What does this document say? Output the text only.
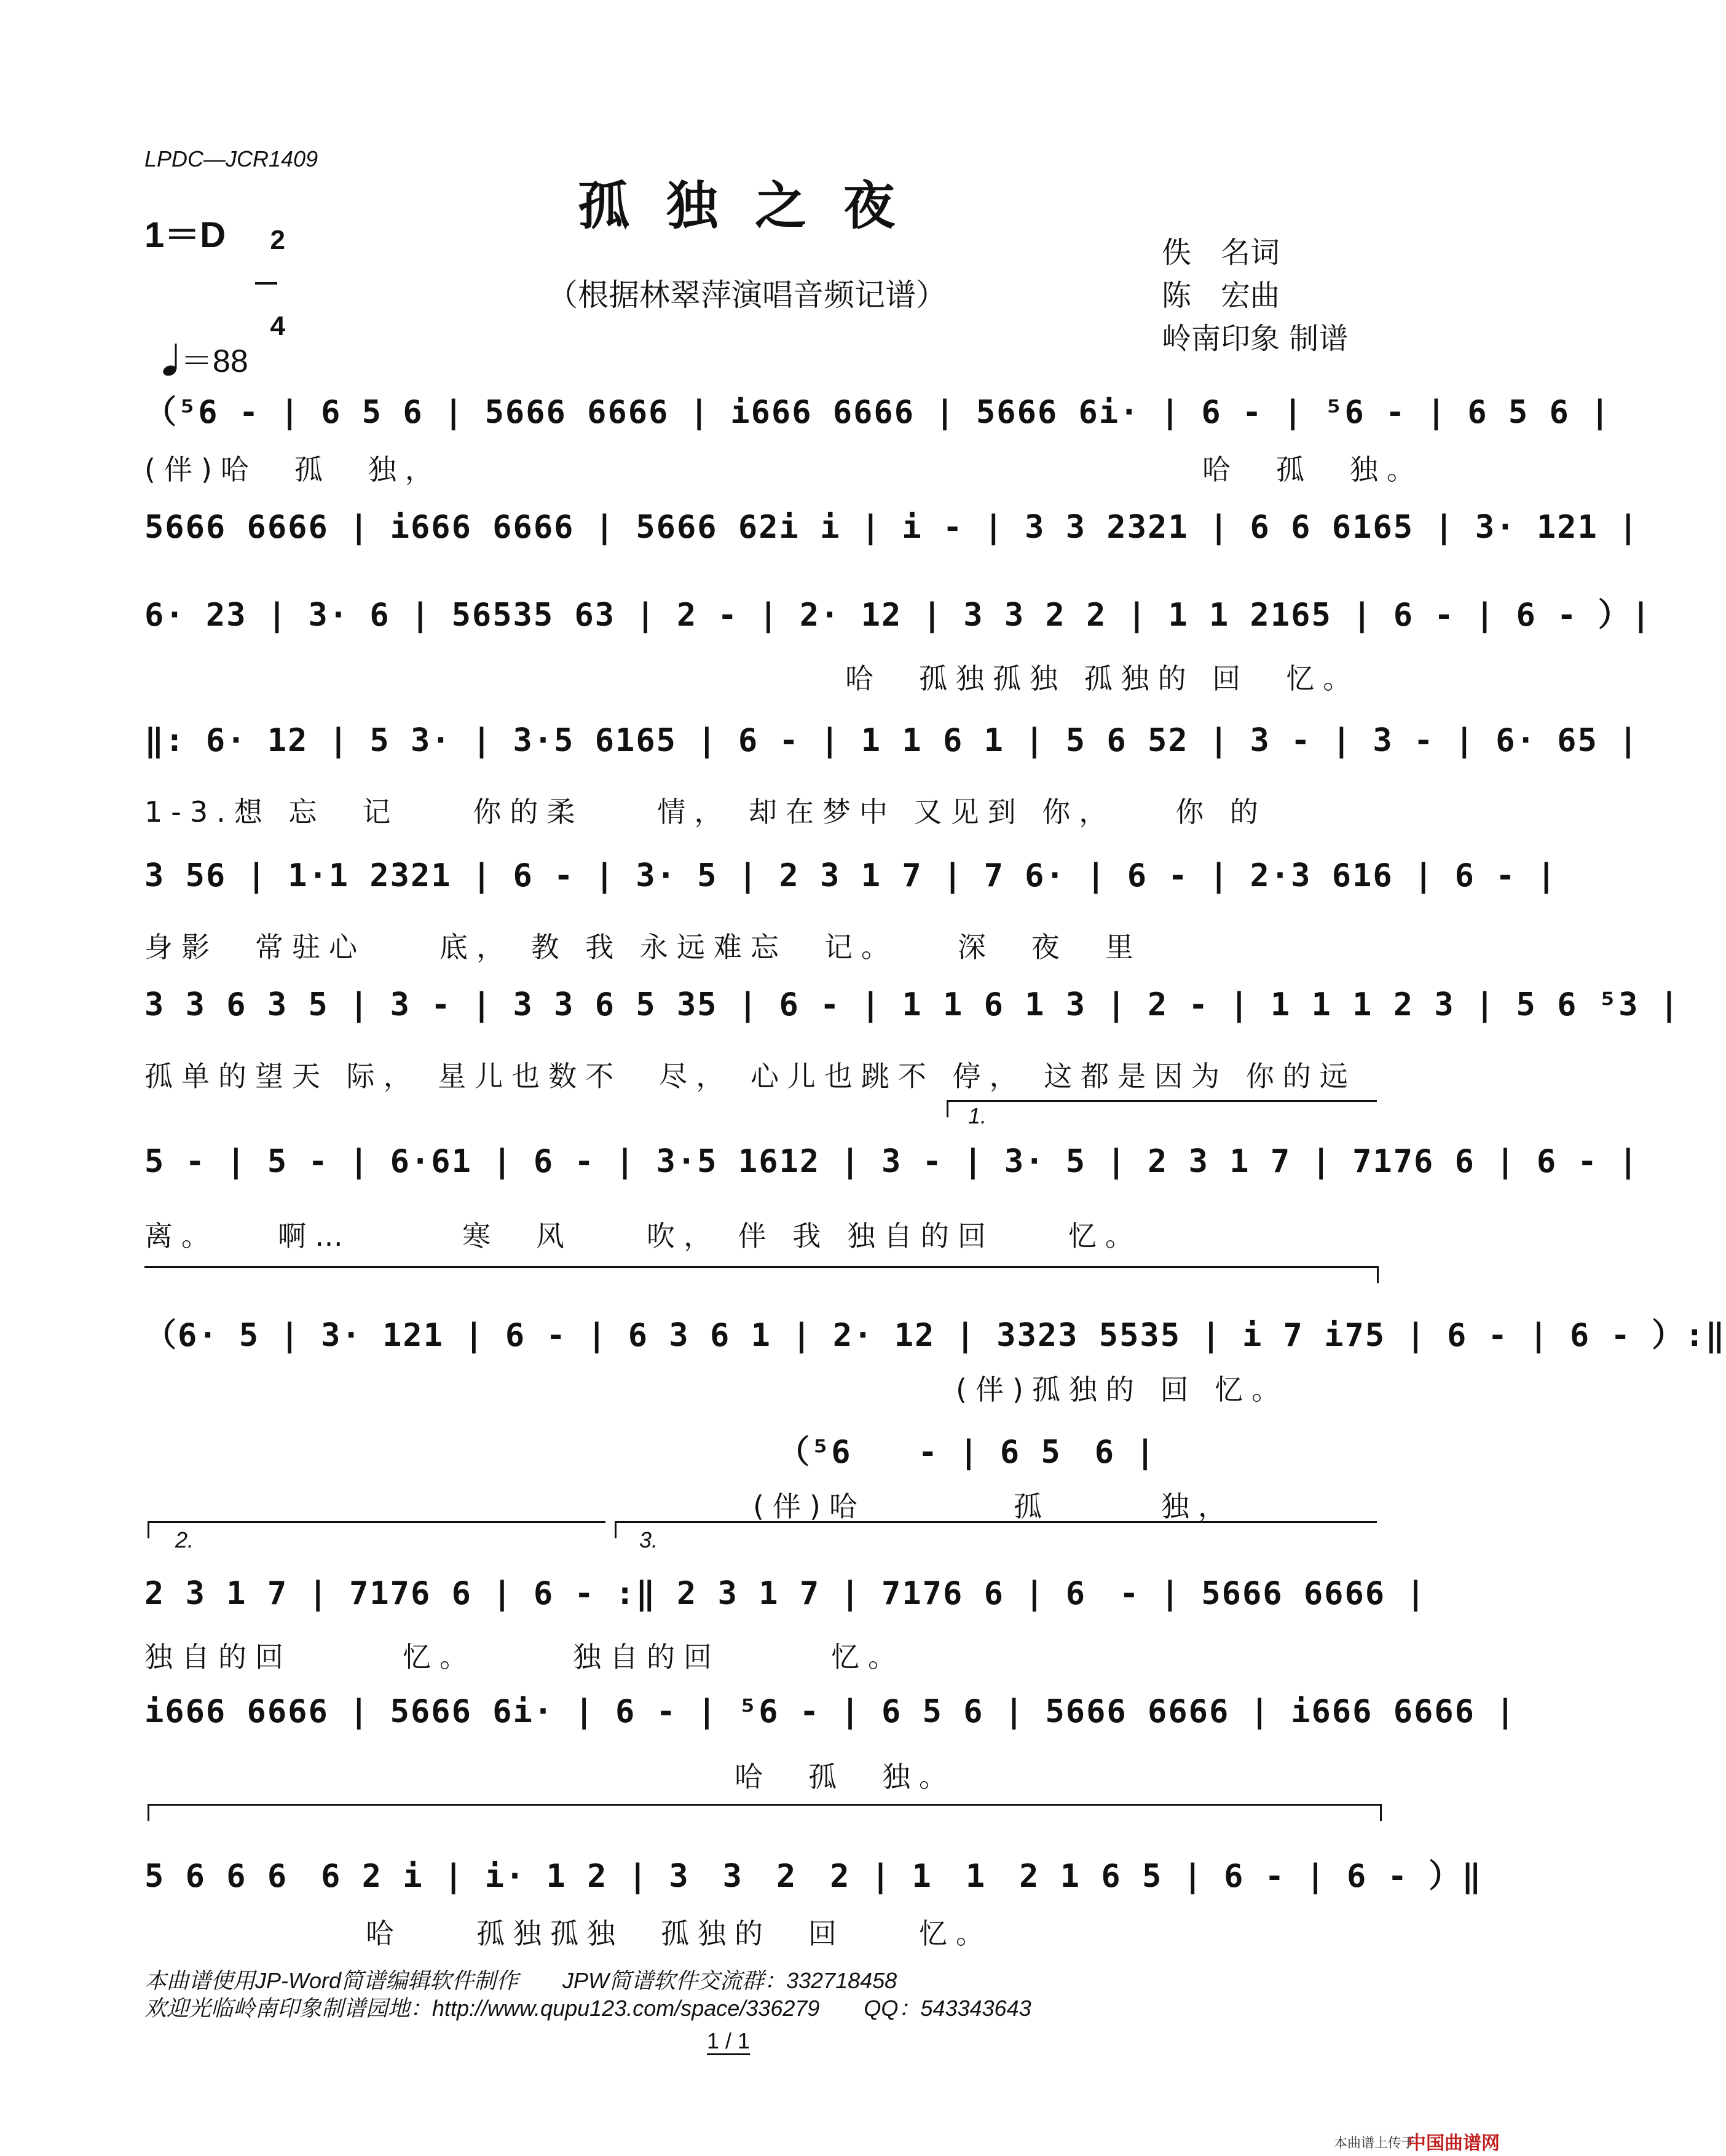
LPDC—JCR1409
孤独之夜
（根据林翠萍演唱音频记谱）
1＝D	2

4

＝88

佚　名词
陈　宏曲
岭南印象 制谱
（⁵6 - | 6 5 6 | 5666 6666 | i666 6666 | 5666 6i· | 6 - | ⁵6 - | 6 5 6 |
(伴)哈　孤　独，　　　　　　　　　　　　　　　　　　　　　哈　孤　独。
5666 6666 | i666 6666 | 5666 62i i | i - | 3 3 2321 | 6 6 6165 | 3· 121 |
6· 23 | 3· 6 | 56535 63 | 2 - | 2· 12 | 3 3 2 2 | 1 1 2165 | 6 - | 6 - ）|
　　　　　　　　　　　　　　　　　　　哈　孤独孤独 孤独的 回　忆。
‖: 6· 12 | 5 3· | 3·5 6165 | 6 - | 1 1 6 1 | 5 6 52 | 3 - | 3 - | 6· 65 |
1-3.想 忘　记　　你的柔　　情， 却在梦中 又见到 你，　　你 的
3 56 | 1·1 2321 | 6 - | 3· 5 | 2 3 1 7 | 7 6· | 6 - | 2·3 616 | 6 - |
身影　常驻心　　底， 教 我 永远难忘　记。　　深　夜　里
3 3 6 3 5 | 3 - | 3 3 6 5 35 | 6 - | 1 1 6 1 3 | 2 - | 1 1 1 2 3 | 5 6 ⁵3 |
孤单的望天 际， 星儿也数不　尽， 心儿也跳不 停， 这都是因为 你的远
1.
5 - | 5 - | 6·61 | 6 - | 3·5 1612 | 3 - | 3· 5 | 2 3 1 7 | 7176 6 | 6 - |
离。　　啊…　　　寒　风　　吹， 伴 我 独自的回　　忆。
（6· 5 | 3· 121 | 6 - | 6 3 6 1 | 2· 12 | 3323 5535 | i 7 i75 | 6 - | 6 - ）:‖
　　　　　　　　　　　　　　　　　　　　　　(伴)孤独的 回 忆。
（⁵6　　- | 6 5　6 |
(伴)哈　　　　孤　　　独，
2.	3.
2 3 1 7 | 7176 6 | 6 - :‖ 2 3 1 7 | 7176 6 | 6　- | 5666 6666 |
独自的回　　　忆。　　　独自的回　　　忆。
i666 6666 | 5666 6i· | 6 - | ⁵6 - | 6 5 6 | 5666 6666 | i666 6666 |
　　　　　　　　　　　　　　　　哈　孤　独。
5 6 6 6　6 2 i | i· 1 2 | 3　3　2　2 | 1　1　2 1 6 5 | 6 - | 6 - ）‖
　　　　　　哈　　孤独孤独　孤独的　回　　忆。
本曲谱使用JP-Word简谱编辑软件制作　　JPW简谱软件交流群：332718458
欢迎光临岭南印象制谱园地：http://www.qupu123.com/space/336279　　QQ：543343643
1 / 1
本曲谱上传于
中国曲谱网
